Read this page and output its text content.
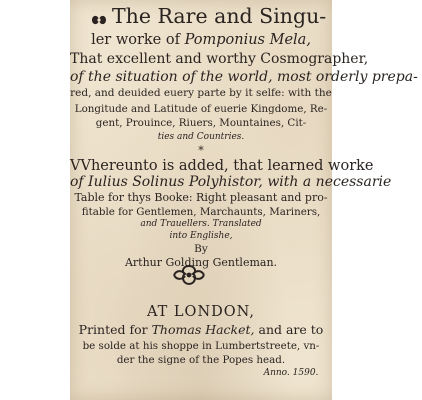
The Rare and Singu-
ler worke of Pomponius Mela,
That excellent and worthy Cosmographer,
of the situation of the world, most orderly prepa-
red, and deuided euery parte by it selfe: with the
Longitude and Latitude of euerie Kingdome, Re-
gent, Prouince, Riuers, Mountaines, Cit-
ties and Countries.
*
VVhereunto is added, that learned worke
of Iulius Solinus Polyhistor, with a necessarie
Table for thys Booke: Right pleasant and pro-
fitable for Gentlemen, Marchaunts, Mariners,
and Trauellers. Translated
into Englishe,
By
Arthur Golding Gentleman.
AT LONDON,
Printed for Thomas Hacket, and are to
be solde at his shoppe in Lumbertstreete, vn-
der the signe of the Popes head.
Anno. 1590.
